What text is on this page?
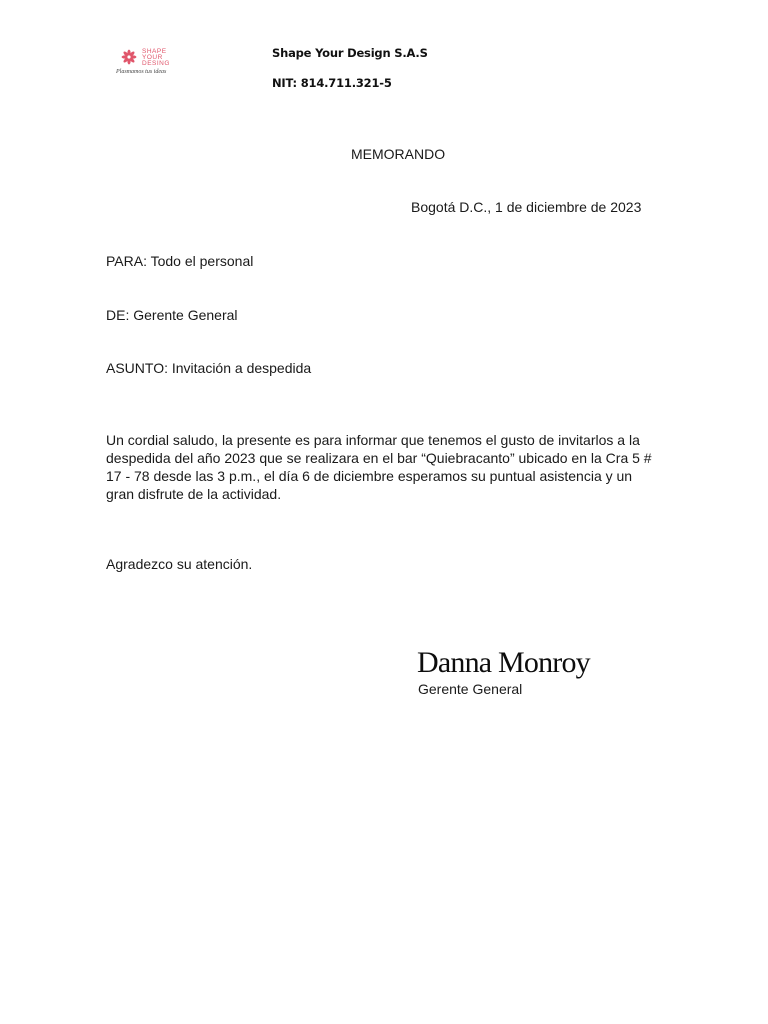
SHAPE
YOUR
DESING
Plasmamos tus ideas
Shape Your Design S.A.S
NIT: 814.711.321-5
MEMORANDO
Bogotá D.C., 1 de diciembre de 2023
PARA: Todo el personal
DE: Gerente General
ASUNTO: Invitación a despedida
Un cordial saludo, la presente es para informar que tenemos el gusto de invitarlos a la
despedida del año 2023 que se realizara en el bar “Quiebracanto” ubicado en la Cra 5 #
17 - 78 desde las 3 p.m., el día 6 de diciembre esperamos su puntual asistencia y un
gran disfrute de la actividad.
Agradezco su atención.
Danna Monroy
Gerente General
